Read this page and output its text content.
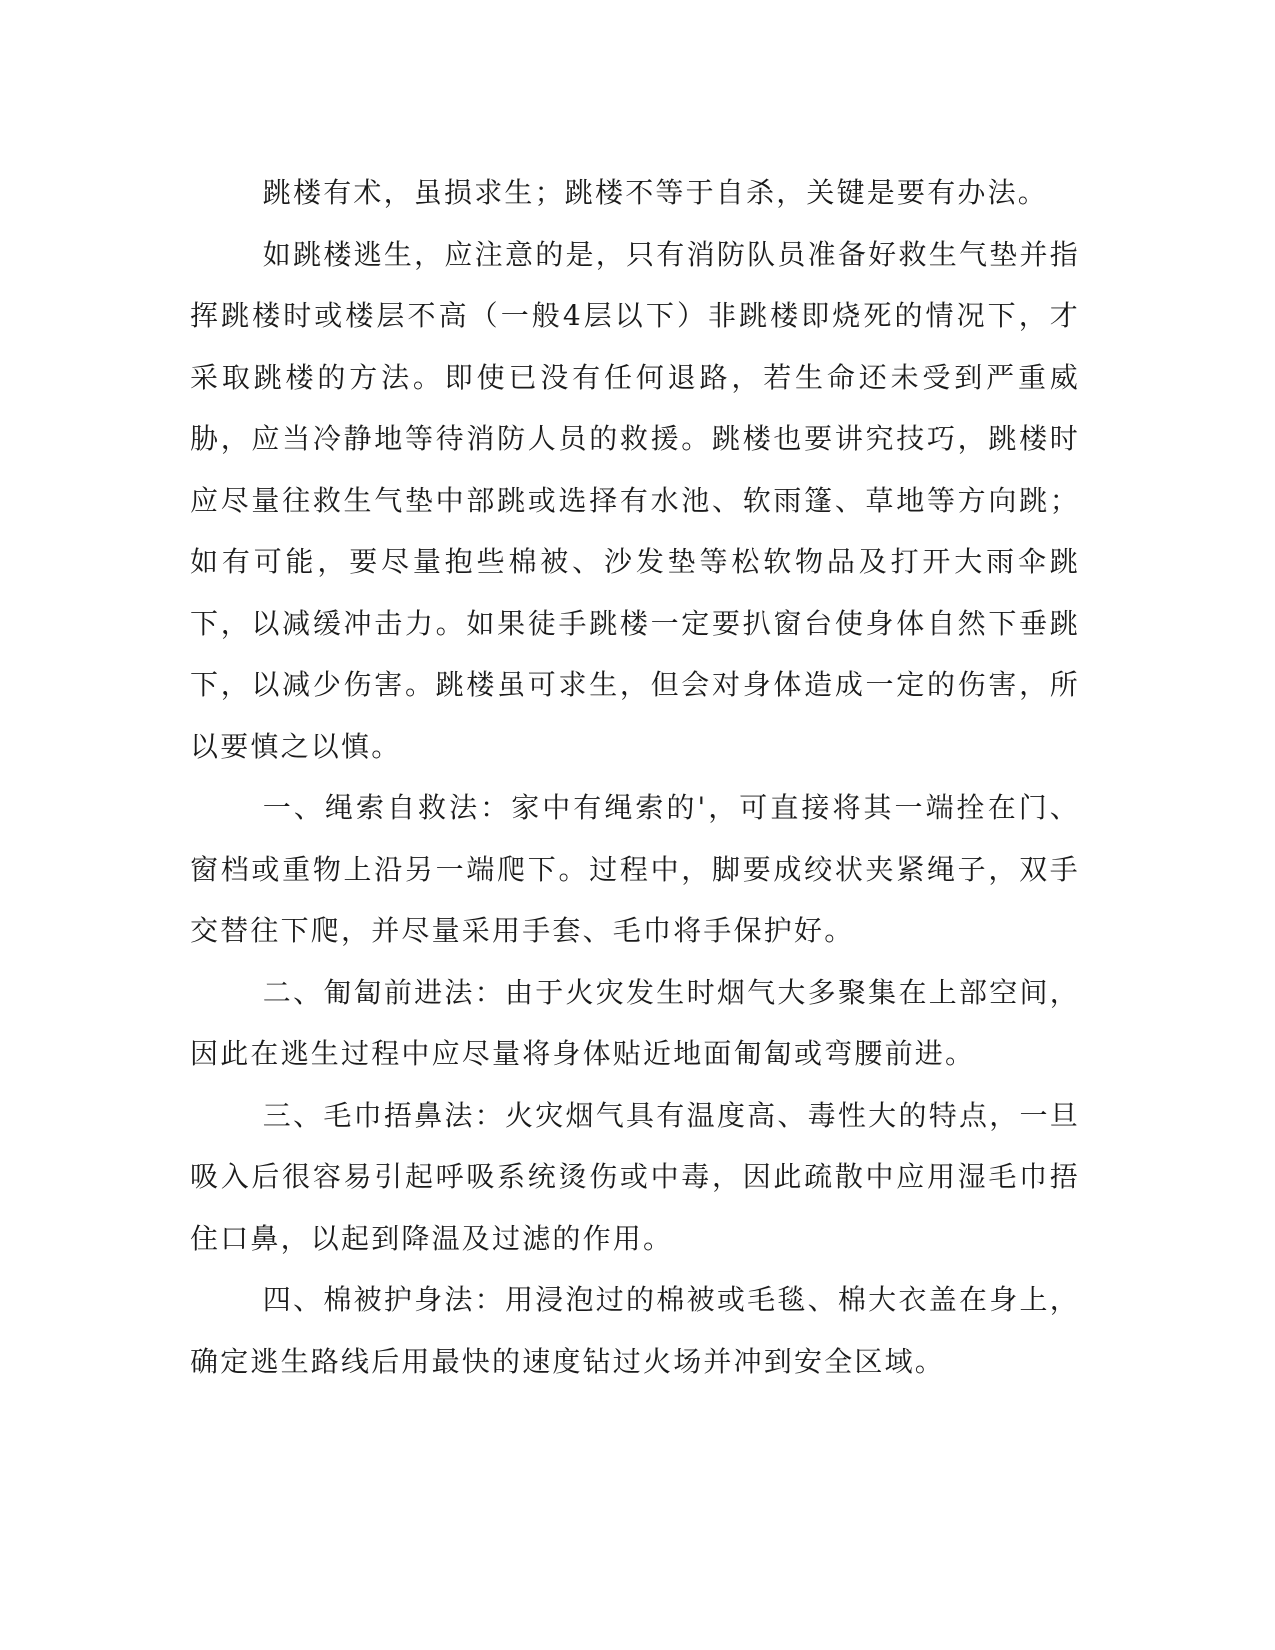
跳楼有术，虽损求生；跳楼不等于自杀，关键是要有办法。

如跳楼逃生，应注意的是，只有消防队员准备好救生气垫并指挥跳楼时或楼层不高（一般4层以下）非跳楼即烧死的情况下，才采取跳楼的方法。即使已没有任何退路，若生命还未受到严重威胁，应当冷静地等待消防人员的救援。跳楼也要讲究技巧，跳楼时应尽量往救生气垫中部跳或选择有水池、软雨篷、草地等方向跳；如有可能，要尽量抱些棉被、沙发垫等松软物品及打开大雨伞跳下，以减缓冲击力。如果徒手跳楼一定要扒窗台使身体自然下垂跳下，以减少伤害。跳楼虽可求生，但会对身体造成一定的伤害，所以要慎之以慎。

一、绳索自救法：家中有绳索的'，可直接将其一端拴在门、窗档或重物上沿另一端爬下。过程中，脚要成绞状夹紧绳子，双手交替往下爬，并尽量采用手套、毛巾将手保护好。

二、匍匐前进法：由于火灾发生时烟气大多聚集在上部空间，因此在逃生过程中应尽量将身体贴近地面匍匐或弯腰前进。

三、毛巾捂鼻法：火灾烟气具有温度高、毒性大的特点，一旦吸入后很容易引起呼吸系统烫伤或中毒，因此疏散中应用湿毛巾捂住口鼻，以起到降温及过滤的作用。

四、棉被护身法：用浸泡过的棉被或毛毯、棉大衣盖在身上，确定逃生路线后用最快的速度钻过火场并冲到安全区域。
